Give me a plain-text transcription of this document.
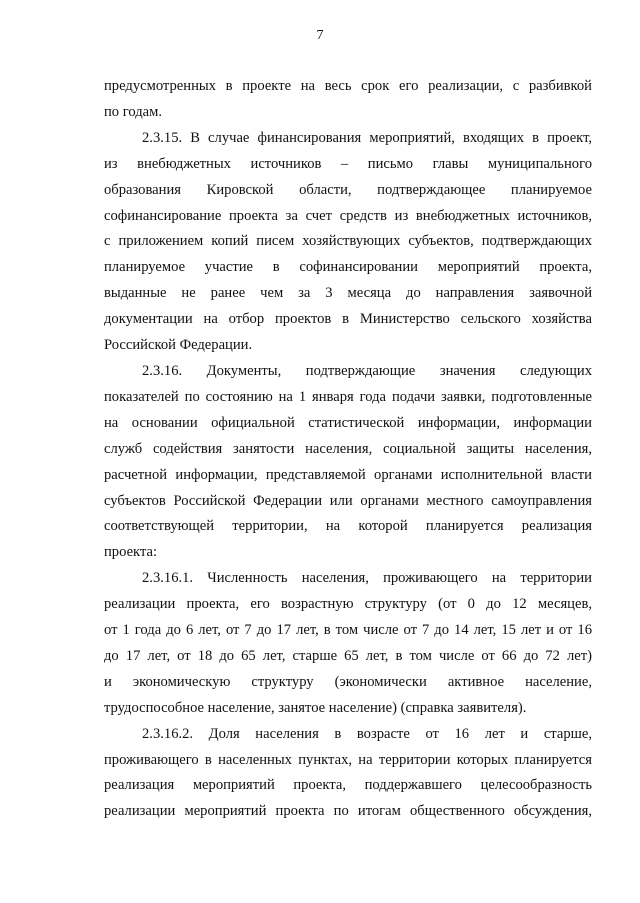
7
предусмотренных в проекте на весь срок его реализации, с разбивкой
по годам.
2.3.15. В случае финансирования мероприятий, входящих в проект,
из внебюджетных источников – письмо главы муниципального
образования Кировской области, подтверждающее планируемое
софинансирование проекта за счет средств из внебюджетных источников,
с приложением копий писем хозяйствующих субъектов, подтверждающих
планируемое участие в софинансировании мероприятий проекта,
выданные не ранее чем за 3 месяца до направления заявочной
документации на отбор проектов в Министерство сельского хозяйства
Российской Федерации.
2.3.16. Документы, подтверждающие значения следующих
показателей по состоянию на 1 января года подачи заявки, подготовленные
на основании официальной статистической информации, информации
служб содействия занятости населения, социальной защиты населения,
расчетной информации, представляемой органами исполнительной власти
субъектов Российской Федерации или органами местного самоуправления
соответствующей территории, на которой планируется реализация
проекта:
2.3.16.1. Численность населения, проживающего на территории
реализации проекта, его возрастную структуру (от 0 до 12 месяцев,
от 1 года до 6 лет, от 7 до 17 лет, в том числе от 7 до 14 лет, 15 лет и от 16
до 17 лет, от 18 до 65 лет, старше 65 лет, в том числе от 66 до 72 лет)
и экономическую структуру (экономически активное население,
трудоспособное население, занятое население) (справка заявителя).
2.3.16.2. Доля населения в возрасте от 16 лет и старше,
проживающего в населенных пунктах, на территории которых планируется
реализация мероприятий проекта, поддержавшего целесообразность
реализации мероприятий проекта по итогам общественного обсуждения,
